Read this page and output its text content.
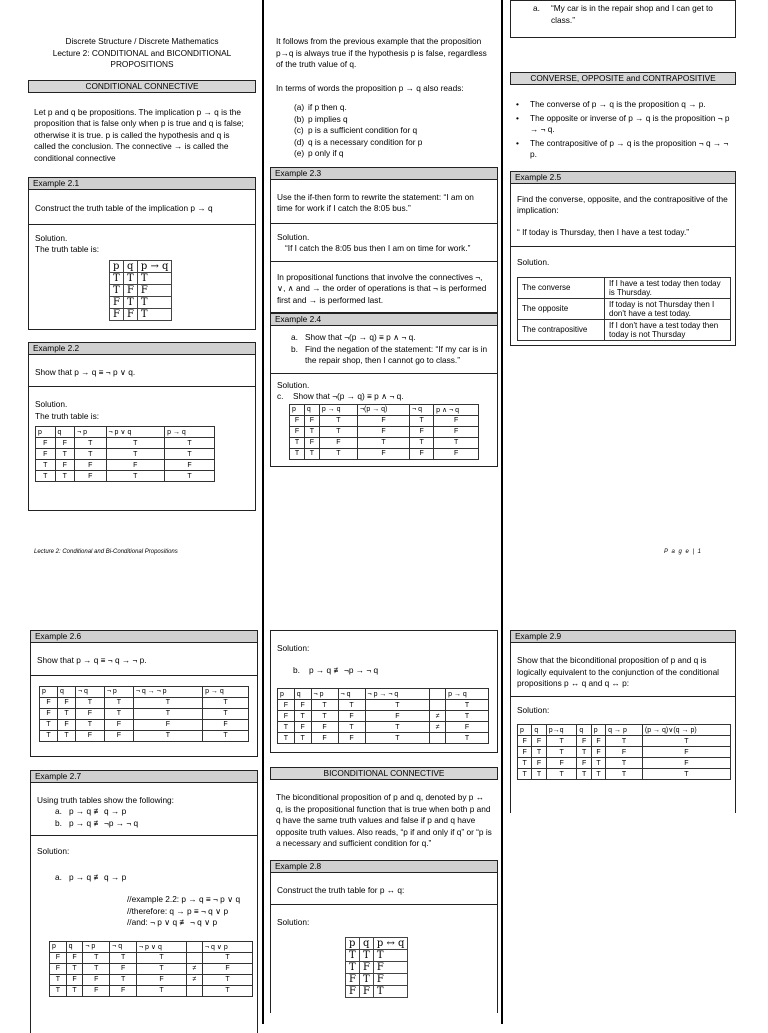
Discrete Structure / Discrete Mathematics
Lecture 2: CONDITIONAL and BICONDITIONAL
PROPOSITIONS
CONDITIONAL CONNECTIVE
Let p and q be propositions. The implication p → q is the proposition that is false only when p is true and q is false; otherwise it is true. p is called the hypothesis and q is called the conclusion. The connective → is called the conditional connective
Example 2.1
Construct the truth table of the implication p → q
Solution.
The truth table is:
p	q	p → q
T	T	T
T	F	F
F	T	T
F	F	T
Example 2.2
Show that p → q ≡ ¬ p ∨ q.
Solution.
The truth table is:
p	q	¬ p	¬ p ∨ q	p → q
F	F	T	T	T
F	T	T	T	T
T	F	F	F	F
T	T	F	T	T
It follows from the previous example that the proposition p→q is always true if the hypothesis p is false, regardless of the truth value of q.
In terms of words the proposition p → q also reads:
(a) if p then q.
(b) p implies q
(c) p is a sufficient condition for q
(d) q is a necessary condition for p
(e) p only if q
Example 2.3
Use the if-then form to rewrite the statement: “I am on time for work if I catch the 8:05 bus.”
Solution.
“If I catch the 8:05 bus then I am on time for work.”
In propositional functions that involve the connectives ¬, ∨, ∧ and → the order of operations is that ¬ is performed first and → is performed last.
Example 2.4
a. Show that ¬(p → q) ≡ p ∧ ¬ q.
b. Find the negation of the statement: “If my car is in the repair shop, then I cannot go to class.”
Solution.
c. Show that ¬(p → q) ≡ p ∧ ¬ q.
p	q	p → q	¬(p → q)	¬ q	p ∧ ¬ q
F	F	T	F	T	F
F	T	T	F	F	F
T	F	F	T	T	T
T	T	T	F	F	F
a. “My car is in the repair shop and I can get to class.”
CONVERSE, OPPOSITE and CONTRAPOSITIVE
• The converse of p → q is the proposition q → p.
• The opposite or inverse of p → q is the proposition ¬ p → ¬ q.
• The contrapositive of p → q is the proposition ¬ q → ¬ p.
Example 2.5
Find the converse, opposite, and the contrapositive of the implication:
“ If today is Thursday, then I have a test today.”
Solution.
The converse	If I have a test today then today is Thursday.
The opposite	If today is not Thursday then I don't have a test today.
The contrapositive	If I don't have a test today then today is not Thursday
Lecture 2: Conditional and Bi-Conditional Propositions	P a g e | 1
Example 2.6
Show that p → q ≡ ¬ q → ¬ p.
p	q	¬ q	¬ p	¬ q → ¬ p	p → q
F	F	T	T	T	T
F	T	F	T	T	T
T	F	T	F	F	F
T	T	F	F	T	T
Example 2.7
Using truth tables show the following:
a. p → q ≢ q → p
b. p → q ≢ ¬p → ¬ q
Solution:
a. p → q ≢ q → p
//example 2.2: p → q ≡ ¬ p ∨ q
//therefore: q → p ≡ ¬ q ∨ p
//and: ¬ p ∨ q ≢ ¬ q ∨ p
p	q	¬ p	¬ q	¬ p ∨ q		¬ q ∨ p
F	F	T	T	T		T
F	T	T	F	T	≠	F
T	F	F	T	F	≠	T
T	T	F	F	T		T
Solution:
b. p → q ≢ ¬p → ¬ q
p	q	¬ p	¬ q	¬ p → ¬ q		p → q
F	F	T	T	T		T
F	T	T	F	F	≠	T
T	F	F	T	T	≠	F
T	T	F	F	T		T
BICONDITIONAL CONNECTIVE
The biconditional proposition of p and q, denoted by p ↔ q, is the propositional function that is true when both p and q have the same truth values and false if p and q have opposite truth values. Also reads, “p if and only if q” or “p is a necessary and sufficient condition for q.”
Example 2.8
Construct the truth table for p ↔ q:
Solution:
p	q	p ↔ q
T	T	T
T	F	F
F	T	F
F	F	T
Example 2.9
Show that the biconditional proposition of p and q is logically equivalent to the conjunction of the conditional propositions p ↔ q and q ↔ p:
Solution:
p	q	p→q	q	p	q → p	(p → q)∨(q → p)
F	F	T	F	F	T	T
F	T	T	T	F	F	F
T	F	F	F	T	T	F
T	T	T	T	T	T	T
